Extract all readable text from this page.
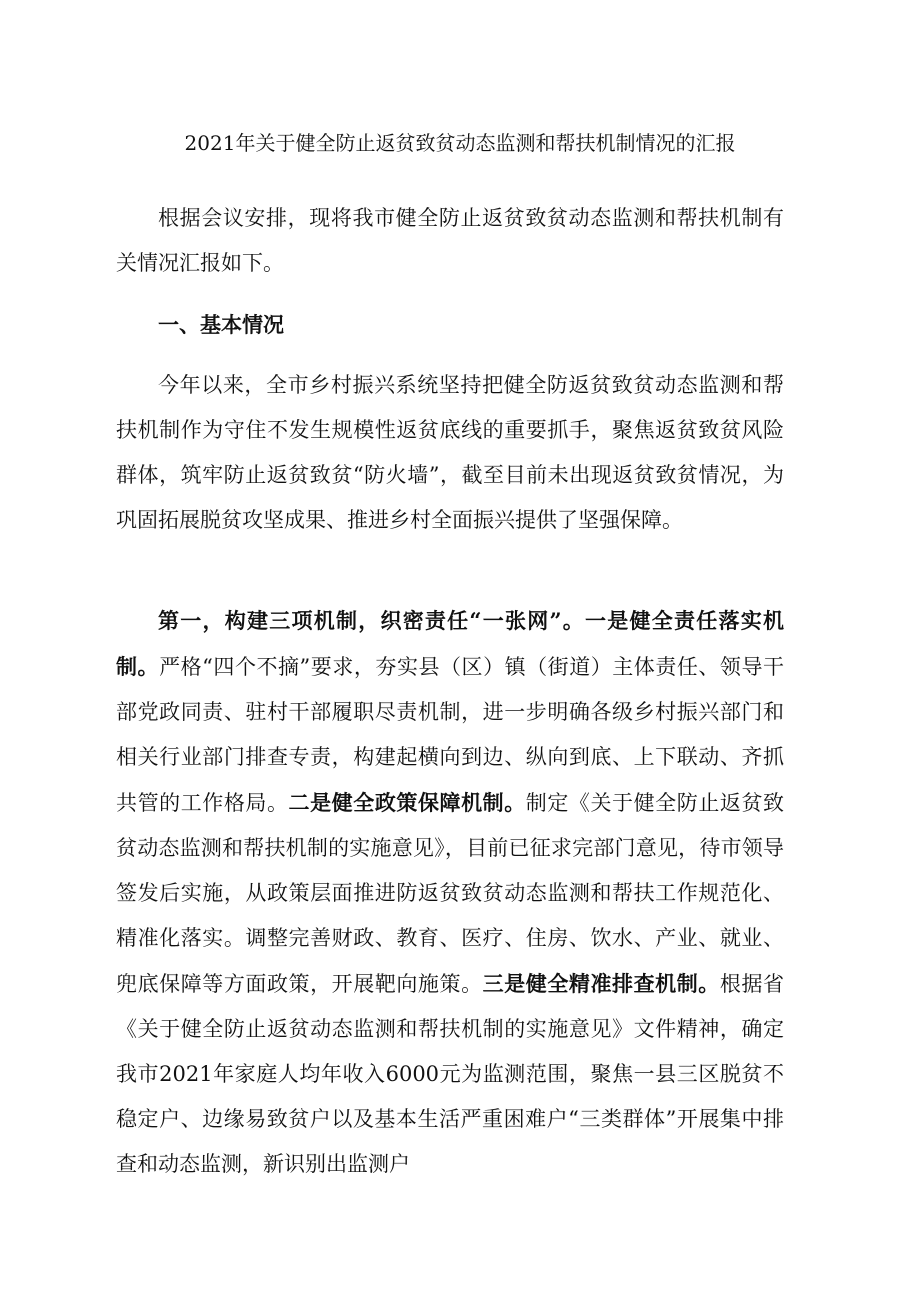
2021年关于健全防止返贫致贫动态监测和帮扶机制情况的汇报

根据会议安排，现将我市健全防止返贫致贫动态监测和帮扶机制有关情况汇报如下。

一、基本情况

今年以来，全市乡村振兴系统坚持把健全防返贫致贫动态监测和帮扶机制作为守住不发生规模性返贫底线的重要抓手，聚焦返贫致贫风险群体，筑牢防止返贫致贫“防火墙”，截至目前未出现返贫致贫情况，为巩固拓展脱贫攻坚成果、推进乡村全面振兴提供了坚强保障。

第一，构建三项机制，织密责任“一张网”。一是健全责任落实机制。严格“四个不摘”要求，夯实县（区）镇（街道）主体责任、领导干部党政同责、驻村干部履职尽责机制，进一步明确各级乡村振兴部门和相关行业部门排查专责，构建起横向到边、纵向到底、上下联动、齐抓共管的工作格局。二是健全政策保障机制。制定《关于健全防止返贫致贫动态监测和帮扶机制的实施意见》，目前已征求完部门意见，待市领导签发后实施，从政策层面推进防返贫致贫动态监测和帮扶工作规范化、精准化落实。调整完善财政、教育、医疗、住房、饮水、产业、就业、兜底保障等方面政策，开展靶向施策。三是健全精准排查机制。根据省《关于健全防止返贫动态监测和帮扶机制的实施意见》文件精神，确定我市2021年家庭人均年收入6000元为监测范围，聚焦一县三区脱贫不稳定户、边缘易致贫户以及基本生活严重困难户“三类群体”开展集中排查和动态监测，新识别出监测户
